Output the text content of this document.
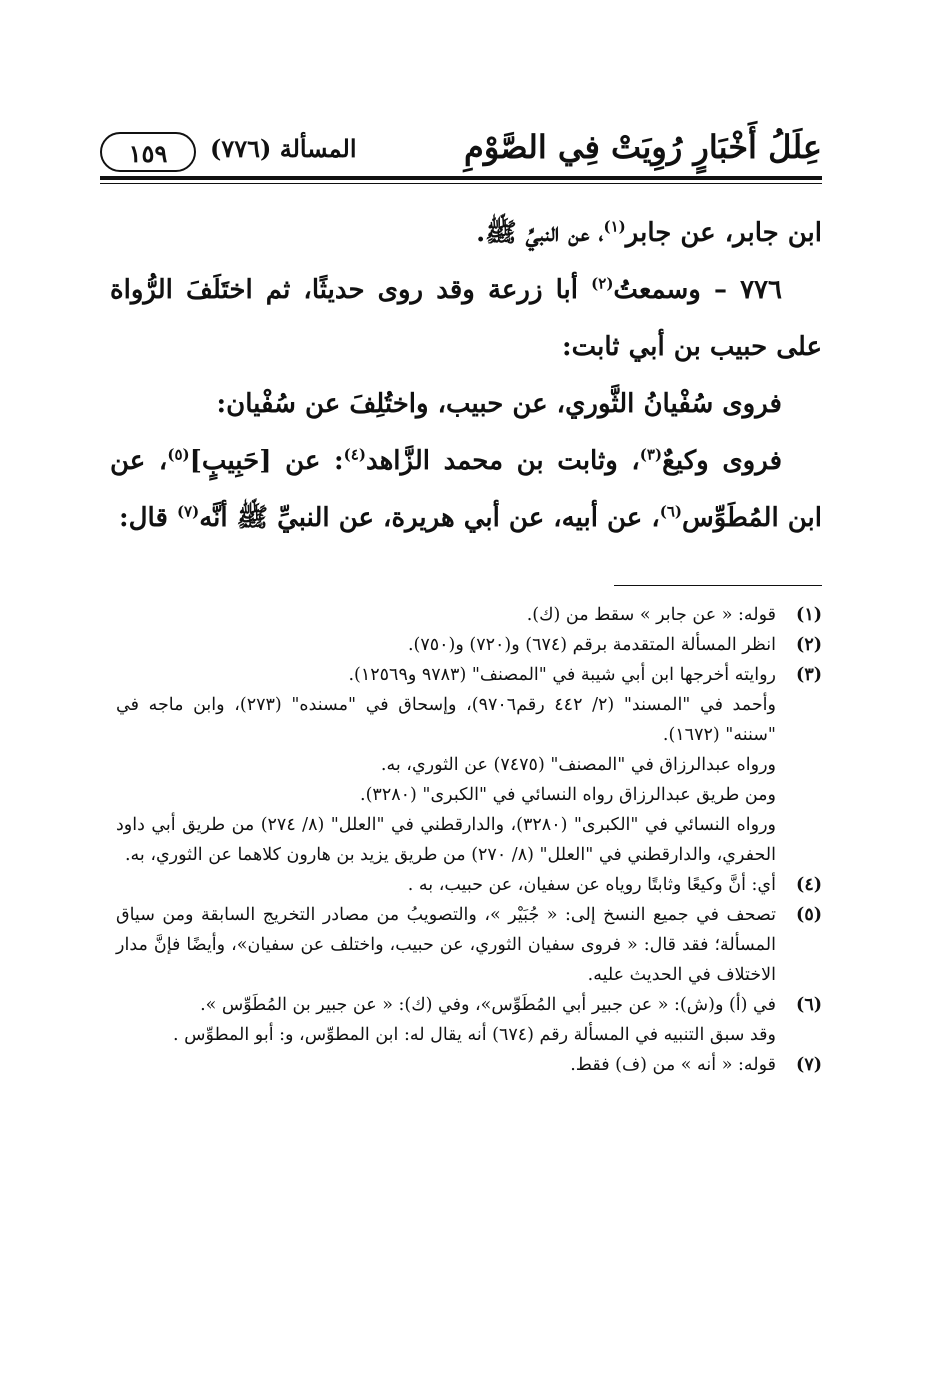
عِلَلُ أَخْبَارٍ رُوِيَتْ فِي الصَّوْمِ
المسألة (٧٧٦)
١٥٩

ابن جابر، عن جابر$^{(١)}$، عن النبيِّ ﷺ.

٧٧٦ – وسمعتُ$^{(٢)}$ أبا زرعة وقد روى حديثًا، ثم اختَلَفَ الرُّواة على حبيب بن أبي ثابت:

فروى سُفْيانُ الثَّوري، عن حبيب، واختُلِفَ عن سُفْيان:

فروى وكيعٌ$^{(٣)}$، وثابت بن محمد الزَّاهد$^{(٤)}$: عن [حَبِيبٍ]$^{(٥)}$، عن ابن المُطَوِّس$^{(٦)}$، عن أبيه، عن أبي هريرة، عن النبيِّ ﷺ أنَّه$^{(٧)}$ قال:

(١)
قوله: « عن جابر » سقط من (ك).
(٢)
انظر المسألة المتقدمة برقم (٦٧٤) و(٧٢٠) و(٧٥٠).
(٣)
روايته أخرجها ابن أبي شيبة في "المصنف" (٩٧٨٣ و١٢٥٦٩).
وأحمد في "المسند" (٢/ ٤٤٢ رقم٩٧٠٦)، وإسحاق في "مسنده" (٢٧٣)، وابن ماجه في "سننه" (١٦٧٢).
ورواه عبدالرزاق في "المصنف" (٧٤٧٥) عن الثوري، به.
ومن طريق عبدالرزاق رواه النسائي في "الكبرى" (٣٢٨٠).
ورواه النسائي في "الكبرى" (٣٢٨٠)، والدارقطني في "العلل" (٨/ ٢٧٤) من طريق أبي داود الحفري، والدارقطني في "العلل" (٨/ ٢٧٠) من طريق يزيد بن هارون كلاهما عن الثوري، به.
(٤)
أي: أنَّ وكيعًا وثابتًا روياه عن سفيان، عن حبيب، به .
(٥)
تصحف في جميع النسخ إلى: « جُبَيْر »، والتصويبُ من مصادر التخريج السابقة ومن سياق المسألة؛ فقد قال: « فروى سفيان الثوري، عن حبيب، واختلف عن سفيان»، وأيضًا فإنَّ مدار الاختلاف في الحديث عليه.
(٦)
في (أ) و(ش): « عن جبير أبي المُطَوِّس»، وفي (ك): « عن جبير بن المُطَوِّس ».
وقد سبق التنبيه في المسألة رقم (٦٧٤) أنه يقال له: ابن المطوِّس، و: أبو المطوِّس .
(٧)
قوله: « أنه » من (ف) فقط.
